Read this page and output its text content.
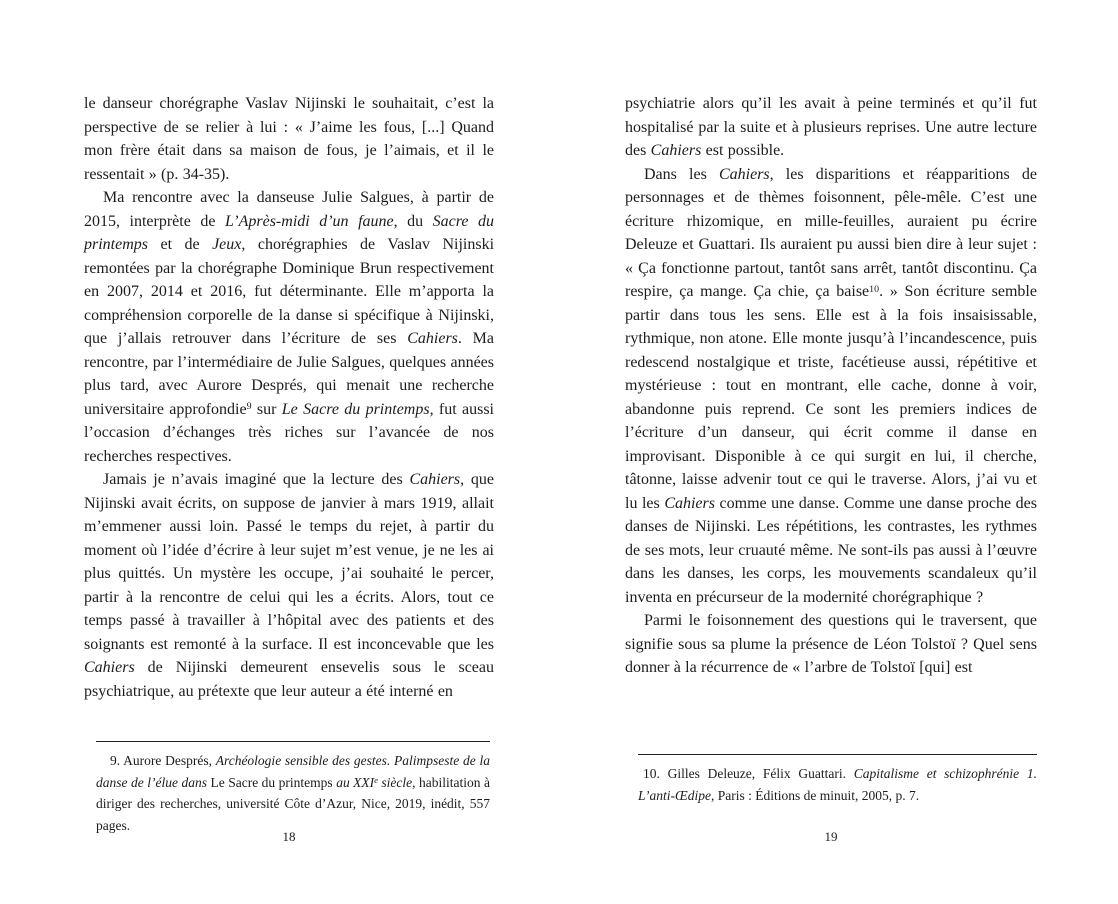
le danseur chorégraphe Vaslav Nijinski le souhaitait, c’est la perspective de se relier à lui : « J’aime les fous, [...] Quand mon frère était dans sa maison de fous, je l’aimais, et il le ressentait » (p. 34-35).

Ma rencontre avec la danseuse Julie Salgues, à partir de 2015, interprète de L’Après-midi d’un faune, du Sacre du printemps et de Jeux, chorégraphies de Vaslav Nijinski remontées par la chorégraphe Dominique Brun respectivement en 2007, 2014 et 2016, fut déterminante. Elle m’apporta la compréhension corporelle de la danse si spécifique à Nijinski, que j’allais retrouver dans l’écriture de ses Cahiers. Ma rencontre, par l’intermédiaire de Julie Salgues, quelques années plus tard, avec Aurore Després, qui menait une recherche universitaire approfondie$^9$ sur Le Sacre du printemps, fut aussi l’occasion d’échanges très riches sur l’avancée de nos recherches respectives.

Jamais je n’avais imaginé que la lecture des Cahiers, que Nijinski avait écrits, on suppose de janvier à mars 1919, allait m’emmener aussi loin. Passé le temps du rejet, à partir du moment où l’idée d’écrire à leur sujet m’est venue, je ne les ai plus quittés. Un mystère les occupe, j’ai souhaité le percer, partir à la rencontre de celui qui les a écrits. Alors, tout ce temps passé à travailler à l’hôpital avec des patients et des soignants est remonté à la surface. Il est inconcevable que les Cahiers de Nijinski demeurent ensevelis sous le sceau psychiatrique, au prétexte que leur auteur a été interné en

9. Aurore Després, Archéologie sensible des gestes. Palimpseste de la danse de l’élue dans Le Sacre du printemps au XXIe siècle, habilitation à diriger des recherches, université Côte d’Azur, Nice, 2019, inédit, 557 pages.

18

psychiatrie alors qu’il les avait à peine terminés et qu’il fut hospitalisé par la suite et à plusieurs reprises. Une autre lecture des Cahiers est possible.

Dans les Cahiers, les disparitions et réapparitions de personnages et de thèmes foisonnent, pêle-mêle. C’est une écriture rhizomique, en mille-feuilles, auraient pu écrire Deleuze et Guattari. Ils auraient pu aussi bien dire à leur sujet : « Ça fonctionne partout, tantôt sans arrêt, tantôt discontinu. Ça respire, ça mange. Ça chie, ça baise$^{10}$. » Son écriture semble partir dans tous les sens. Elle est à la fois insaisissable, rythmique, non atone. Elle monte jusqu’à l’incandescence, puis redescend nostalgique et triste, facétieuse aussi, répétitive et mystérieuse : tout en montrant, elle cache, donne à voir, abandonne puis reprend. Ce sont les premiers indices de l’écriture d’un danseur, qui écrit comme il danse en improvisant. Disponible à ce qui surgit en lui, il cherche, tâtonne, laisse advenir tout ce qui le traverse. Alors, j’ai vu et lu les Cahiers comme une danse. Comme une danse proche des danses de Nijinski. Les répétitions, les contrastes, les rythmes de ses mots, leur cruauté même. Ne sont-ils pas aussi à l’œuvre dans les danses, les corps, les mouvements scandaleux qu’il inventa en précurseur de la modernité chorégraphique ?

Parmi le foisonnement des questions qui le traversent, que signifie sous sa plume la présence de Léon Tolstoï ? Quel sens donner à la récurrence de « l’arbre de Tolstoï [qui] est

10. Gilles Deleuze, Félix Guattari. Capitalisme et schizophrénie 1. L’anti-Œdipe, Paris : Éditions de minuit, 2005, p. 7.

19
